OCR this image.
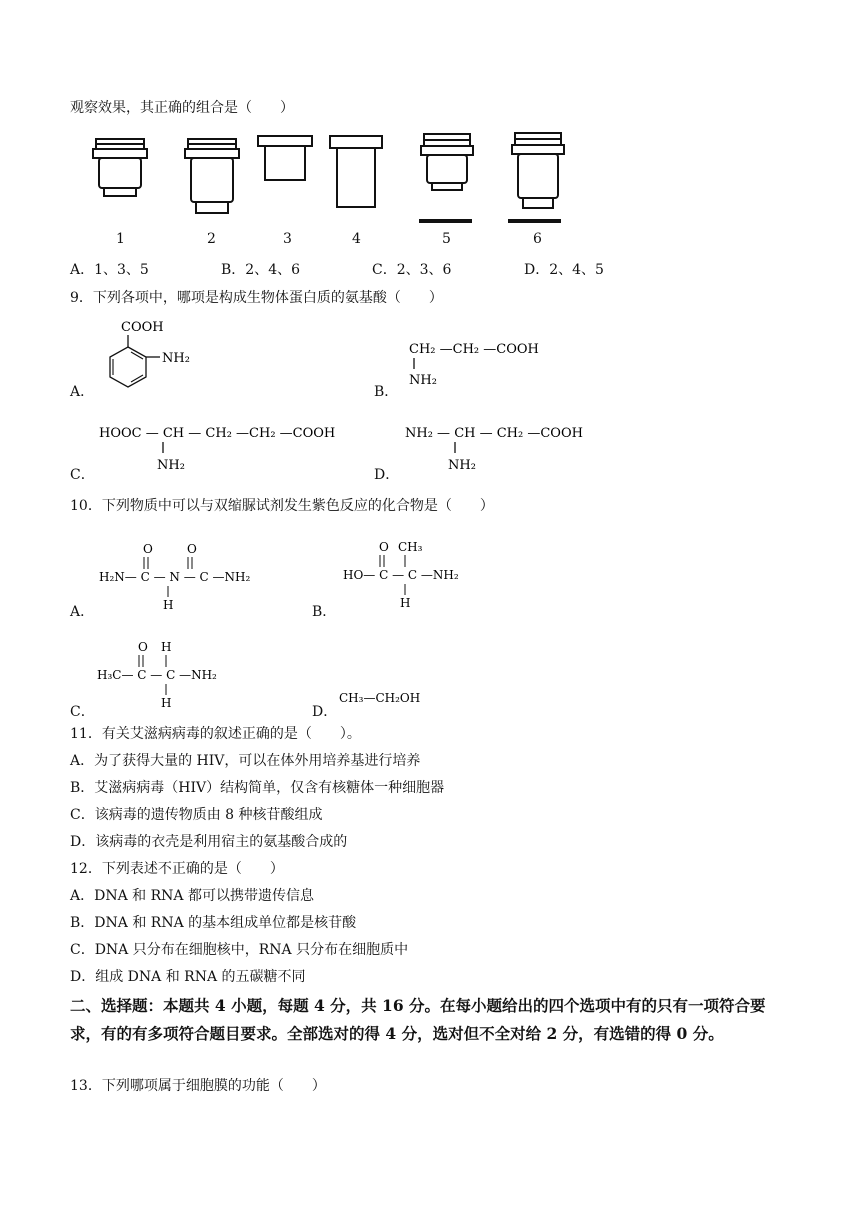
观察效果，其正确的组合是（　　）
1	2	3	4	5	6
A．1、3、5	B．2、4、6	C．2、3、6	D．2、4、5
9．下列各项中，哪项是构成生物体蛋白质的氨基酸（　　）
COOH
NH₂
CH₂ —CH₂ —COOH
NH₂
HOOC — CH — CH₂ —CH₂ —COOH
NH₂
NH₂ — CH — CH₂ —COOH
NH₂
A．	B．
C．	D．
10．下列物质中可以与双缩脲试剂发生紫色反应的化合物是（　　）
O	O
H₂N— C — N — C —NH₂
H
O CH₃
HO— C — C —NH₂
H
O H
H₃C— C — C —NH₂
H	CH₃—CH₂OH
A．	B．
C．	D．
11．有关艾滋病病毒的叙述正确的是（　　）。
A．为了获得大量的 HIV，可以在体外用培养基进行培养
B．艾滋病病毒（HIV）结构简单，仅含有核糖体一种细胞器
C．该病毒的遗传物质由 8 种核苷酸组成
D．该病毒的衣壳是利用宿主的氨基酸合成的
12．下列表述不正确的是（　　）
A．DNA 和 RNA 都可以携带遗传信息
B．DNA 和 RNA 的基本组成单位都是核苷酸
C．DNA 只分布在细胞核中，RNA 只分布在细胞质中
D．组成 DNA 和 RNA 的五碳糖不同
二、选择题：本题共 4 小题，每题 4 分，共 16 分。在每小题给出的四个选项中有的只有一项符合要求，有的有多项符合题目要求。全部选对的得 4 分，选对但不全对给 2 分，有选错的得 0 分。
13．下列哪项属于细胞膜的功能（　　）
